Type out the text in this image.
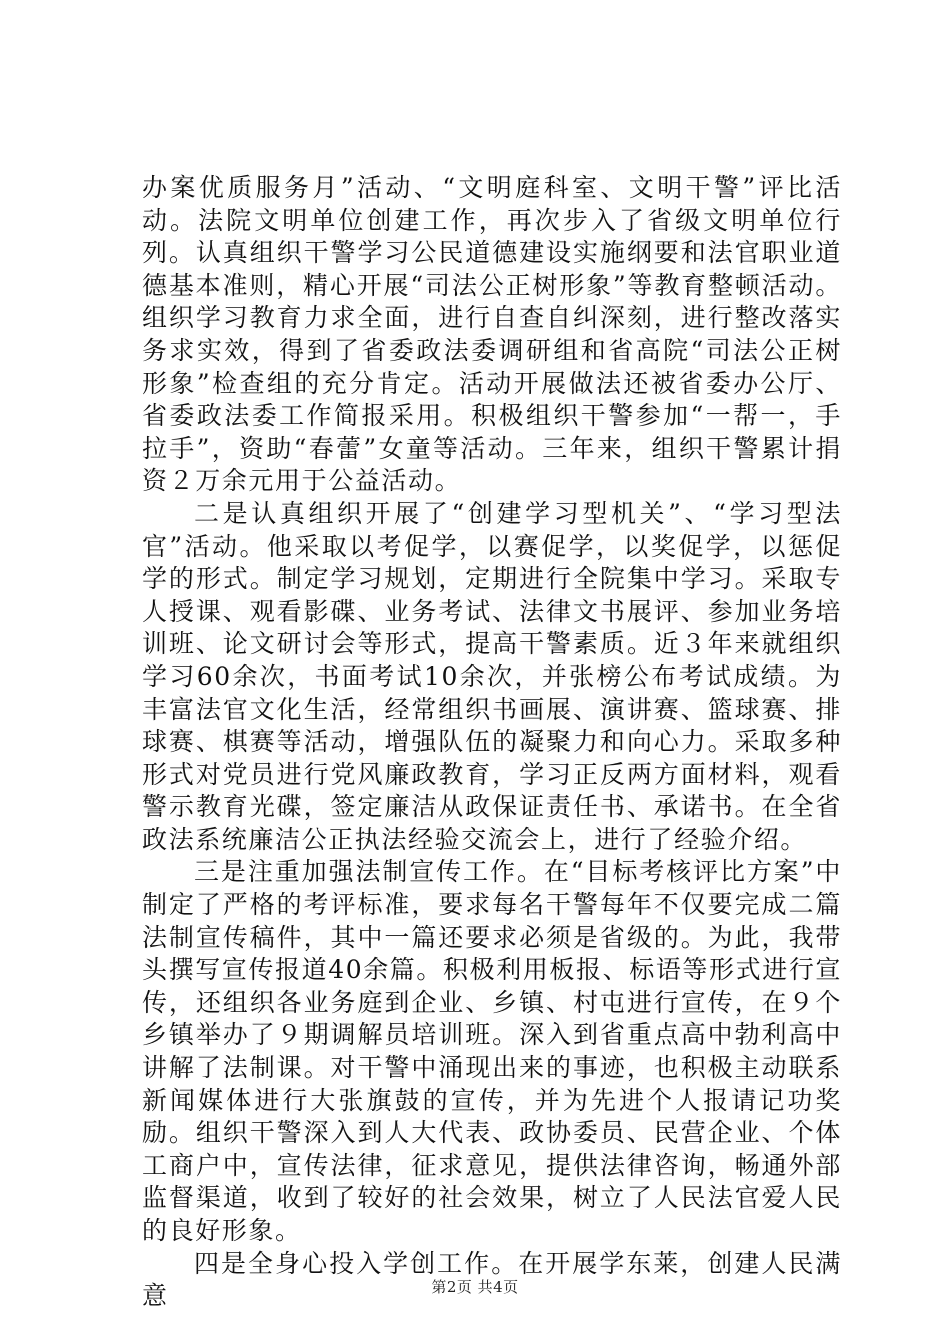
办案优质服务月”活动、“文明庭科室、文明干警”评比活动。法院文明单位创建工作，再次步入了省级文明单位行列。认真组织干警学习公民道德建设实施纲要和法官职业道德基本准则，精心开展“司法公正树形象”等教育整顿活动。组织学习教育力求全面，进行自查自纠深刻，进行整改落实务求实效，得到了省委政法委调研组和省高院“司法公正树形象”检查组的充分肯定。活动开展做法还被省委办公厅、省委政法委工作简报采用。积极组织干警参加“一帮一，手拉手”，资助“春蕾”女童等活动。三年来，组织干警累计捐资２万余元用于公益活动。

二是认真组织开展了“创建学习型机关”、“学习型法官”活动。他采取以考促学，以赛促学，以奖促学，以惩促学的形式。制定学习规划，定期进行全院集中学习。采取专人授课、观看影碟、业务考试、法律文书展评、参加业务培训班、论文研讨会等形式，提高干警素质。近３年来就组织学习60余次，书面考试10余次，并张榜公布考试成绩。为丰富法官文化生活，经常组织书画展、演讲赛、篮球赛、排球赛、棋赛等活动，增强队伍的凝聚力和向心力。采取多种形式对党员进行党风廉政教育，学习正反两方面材料，观看警示教育光碟，签定廉洁从政保证责任书、承诺书。在全省政法系统廉洁公正执法经验交流会上，进行了经验介绍。

三是注重加强法制宣传工作。在“目标考核评比方案”中制定了严格的考评标准，要求每名干警每年不仅要完成二篇法制宣传稿件，其中一篇还要求必须是省级的。为此，我带头撰写宣传报道40余篇。积极利用板报、标语等形式进行宣传，还组织各业务庭到企业、乡镇、村屯进行宣传，在９个乡镇举办了９期调解员培训班。深入到省重点高中勃利高中讲解了法制课。对干警中涌现出来的事迹，也积极主动联系新闻媒体进行大张旗鼓的宣传，并为先进个人报请记功奖励。组织干警深入到人大代表、政协委员、民营企业、个体工商户中，宣传法律，征求意见，提供法律咨询，畅通外部监督渠道，收到了较好的社会效果，树立了人民法官爱人民的良好形象。

四是全身心投入学创工作。在开展学东莱，创建人民满意	第2页 共4页
